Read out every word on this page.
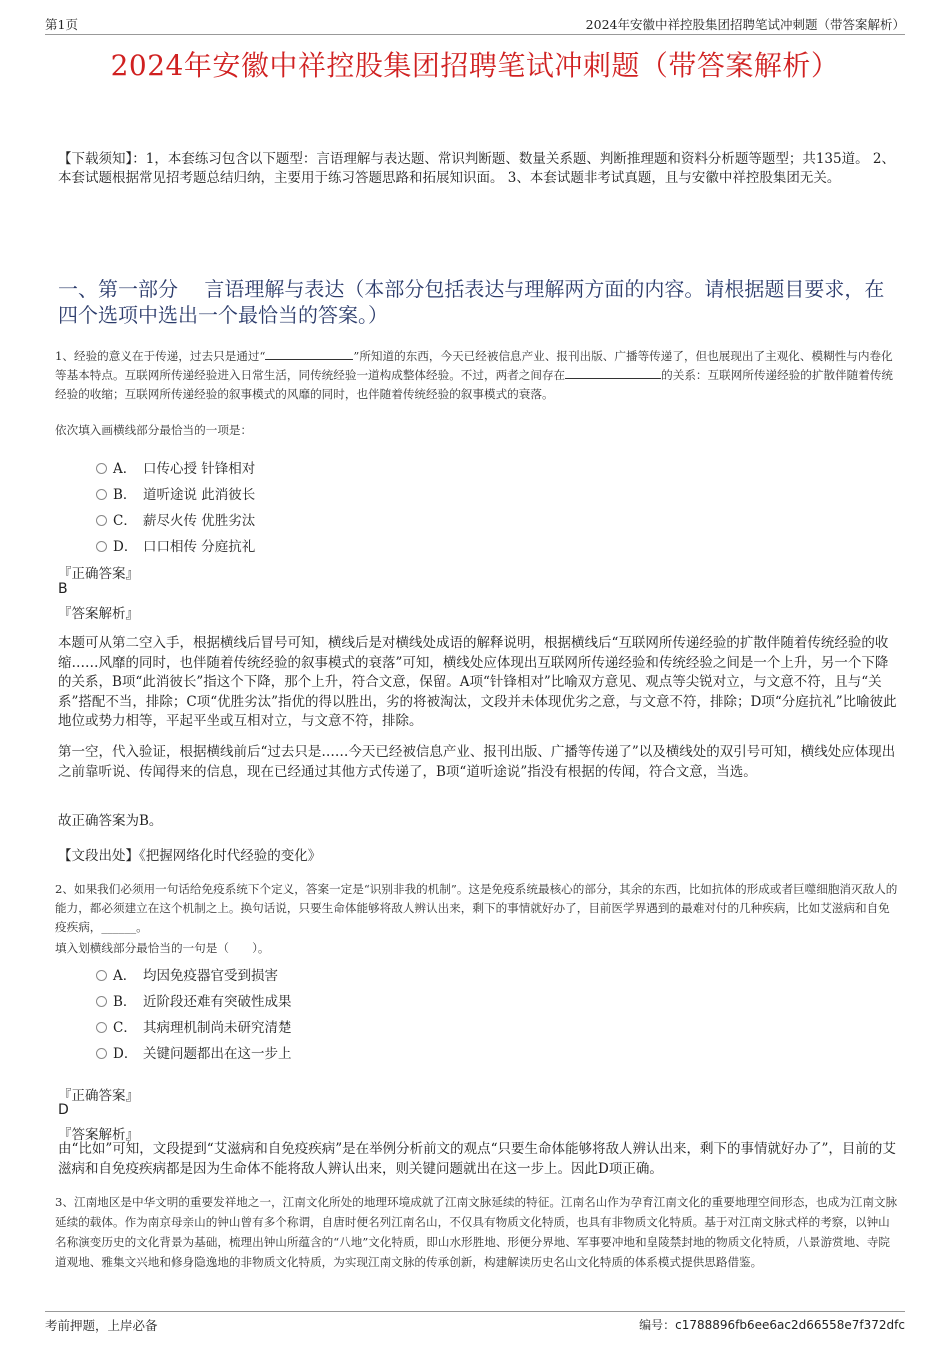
第1页	2024年安徽中祥控股集团招聘笔试冲刺题（带答案解析）
2024年安徽中祥控股集团招聘笔试冲刺题（带答案解析）
【下载须知】：1，本套练习包含以下题型：言语理解与表达题、常识判断题、数量关系题、判断推理题和资料分析题等题型；共135道。 2、本套试题根据常见招考题总结归纳，主要用于练习答题思路和拓展知识面。 3、本套试题非考试真题，且与安徽中祥控股集团无关。
一、第一部分　 言语理解与表达（本部分包括表达与理解两方面的内容。请根据题目要求，在四个选项中选出一个最恰当的答案。）
1、经验的意义在于传递，过去只是通过“	”所知道的东西，今天已经被信息产业、报刊出版、广播等传递了，但也展现出了主观化、模糊性与内卷化等基本特点。互联网所传递经验进入日常生活，同传统经验一道构成整体经验。不过，两者之间存在	的关系：互联网所传递经验的扩散伴随着传统经验的收缩；互联网所传递经验的叙事模式的风靡的同时，也伴随着传统经验的叙事模式的衰落。
依次填入画横线部分最恰当的一项是：
A． 口传心授 针锋相对
B． 道听途说 此消彼长
C． 薪尽火传 优胜劣汰
D． 口口相传 分庭抗礼
『正确答案』
B
『答案解析』
本题可从第二空入手，根据横线后冒号可知，横线后是对横线处成语的解释说明，根据横线后“互联网所传递经验的扩散伴随着传统经验的收缩……风靡的同时，也伴随着传统经验的叙事模式的衰落”可知，横线处应体现出互联网所传递经验和传统经验之间是一个上升，另一个下降的关系，B项“此消彼长”指这个下降，那个上升，符合文意，保留。A项“针锋相对”比喻双方意见、观点等尖锐对立，与文意不符，且与“关系”搭配不当，排除；C项“优胜劣汰”指优的得以胜出，劣的将被淘汰，文段并未体现优劣之意，与文意不符，排除；D项“分庭抗礼”比喻彼此地位或势力相等，平起平坐或互相对立，与文意不符，排除。
第一空，代入验证，根据横线前后“过去只是……今天已经被信息产业、报刊出版、广播等传递了”以及横线处的双引号可知，横线处应体现出之前靠听说、传闻得来的信息，现在已经通过其他方式传递了，B项“道听途说”指没有根据的传闻，符合文意，当选。
故正确答案为B。
【文段出处】《把握网络化时代经验的变化》
2、如果我们必须用一句话给免疫系统下个定义，答案一定是“识别非我的机制”。这是免疫系统最核心的部分，其余的东西，比如抗体的形成或者巨噬细胞消灭敌人的能力，都必须建立在这个机制之上。换句话说，只要生命体能够将敌人辨认出来，剩下的事情就好办了，目前医学界遇到的最难对付的几种疾病，比如艾滋病和自免疫疾病，______。
填入划横线部分最恰当的一句是（　　）。
A． 均因免疫器官受到损害
B． 近阶段还难有突破性成果
C． 其病理机制尚未研究清楚
D． 关键问题都出在这一步上
『正确答案』
D
『答案解析』
由“比如”可知，文段提到“艾滋病和自免疫疾病”是在举例分析前文的观点“只要生命体能够将敌人辨认出来，剩下的事情就好办了”，目前的艾滋病和自免疫疾病都是因为生命体不能将敌人辨认出来，则关键问题就出在这一步上。因此D项正确。
3、江南地区是中华文明的重要发祥地之一，江南文化所处的地理环境成就了江南文脉延续的特征。江南名山作为孕育江南文化的重要地理空间形态，也成为江南文脉延续的载体。作为南京母亲山的钟山曾有多个称谓，自唐时便名列江南名山，不仅具有物质文化特质，也具有非物质文化特质。基于对江南文脉式样的考察，以钟山名称演变历史的文化背景为基础，梳理出钟山所蕴含的“八地”文化特质，即山水形胜地、形便分界地、军事要冲地和皇陵禁封地的物质文化特质，八景游赏地、寺院道观地、雅集文兴地和修身隐逸地的非物质文化特质，为实现江南文脉的传承创新，构建解读历史名山文化特质的体系模式提供思路借鉴。
考前押题，上岸必备	编号：c1788896fb6ee6ac2d66558e7f372dfc
